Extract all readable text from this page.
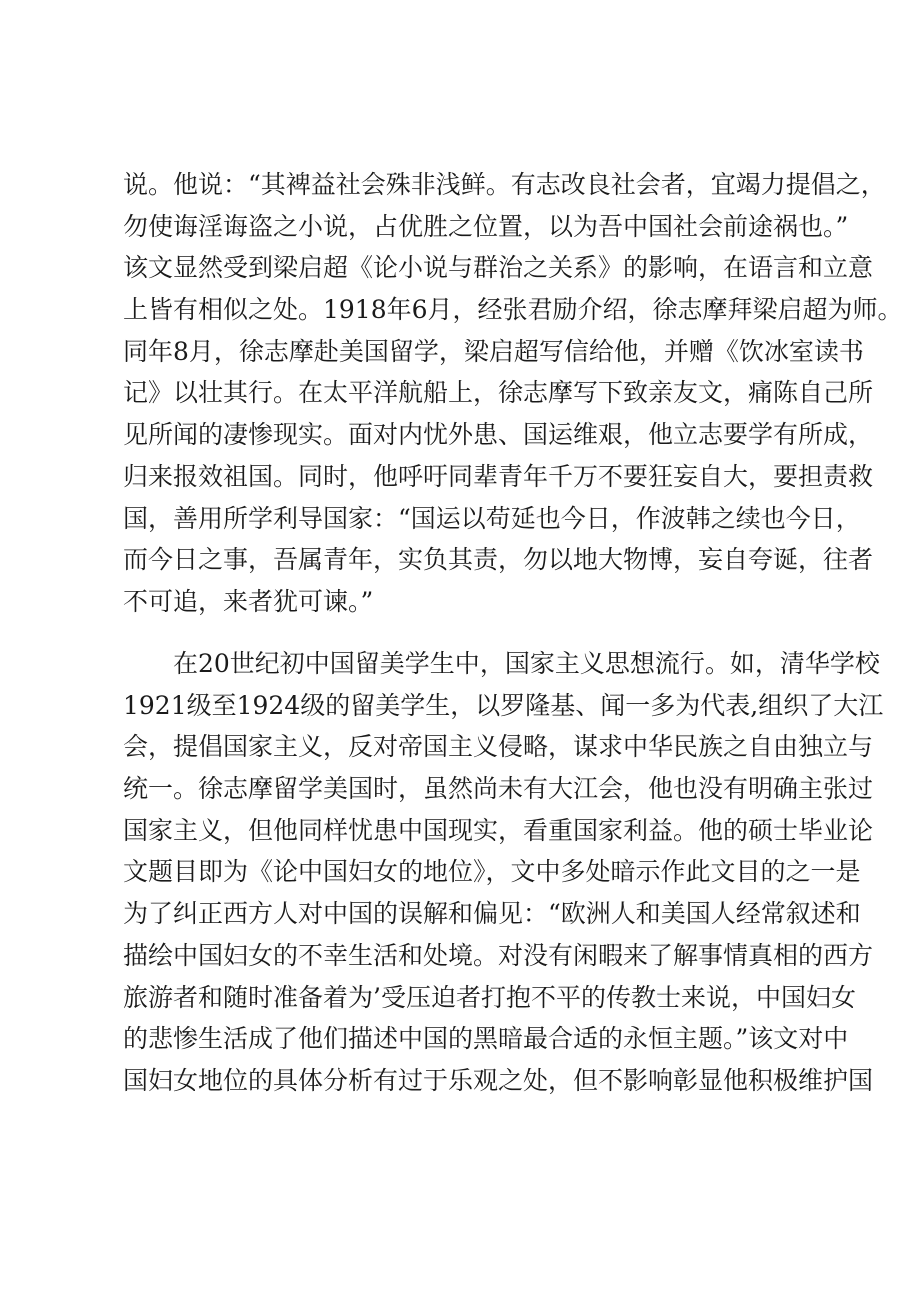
说。他说：“其裨益社会殊非浅鲜。有志改良社会者，宜竭力提倡之，
勿使诲淫诲盗之小说，占优胜之位置，以为吾中国社会前途祸也。”
该文显然受到梁启超《论小说与群治之关系》的影响，在语言和立意
上皆有相似之处。1918年6月，经张君励介绍，徐志摩拜梁启超为师。
同年8月，徐志摩赴美国留学，梁启超写信给他，并赠《饮冰室读书
记》以壮其行。在太平洋航船上，徐志摩写下致亲友文，痛陈自己所
见所闻的凄惨现实。面对内忧外患、国运维艰，他立志要学有所成，
归来报效祖国。同时，他呼吁同辈青年千万不要狂妄自大，要担责救
国，善用所学利导国家：“国运以苟延也今日，作波韩之续也今日，
而今日之事，吾属青年，实负其责，勿以地大物博，妄自夸诞，往者
不可追，来者犹可谏。”
在20世纪初中国留美学生中，国家主义思想流行。如，清华学校
1921级至1924级的留美学生，以罗隆基、闻一多为代表,组织了大江
会，提倡国家主义，反对帝国主义侵略，谋求中华民族之自由独立与
统一。徐志摩留学美国时，虽然尚未有大江会，他也没有明确主张过
国家主义，但他同样忧患中国现实，看重国家利益。他的硕士毕业论
文题目即为《论中国妇女的地位》，文中多处暗示作此文目的之一是
为了纠正西方人对中国的误解和偏见：“欧洲人和美国人经常叙述和
描绘中国妇女的不幸生活和处境。对没有闲暇来了解事情真相的西方
旅游者和随时准备着为’受压迫者打抱不平的传教士来说，中国妇女
的悲惨生活成了他们描述中国的黑暗最合适的永恒主题。”该文对中
国妇女地位的具体分析有过于乐观之处，但不影响彰显他积极维护国
